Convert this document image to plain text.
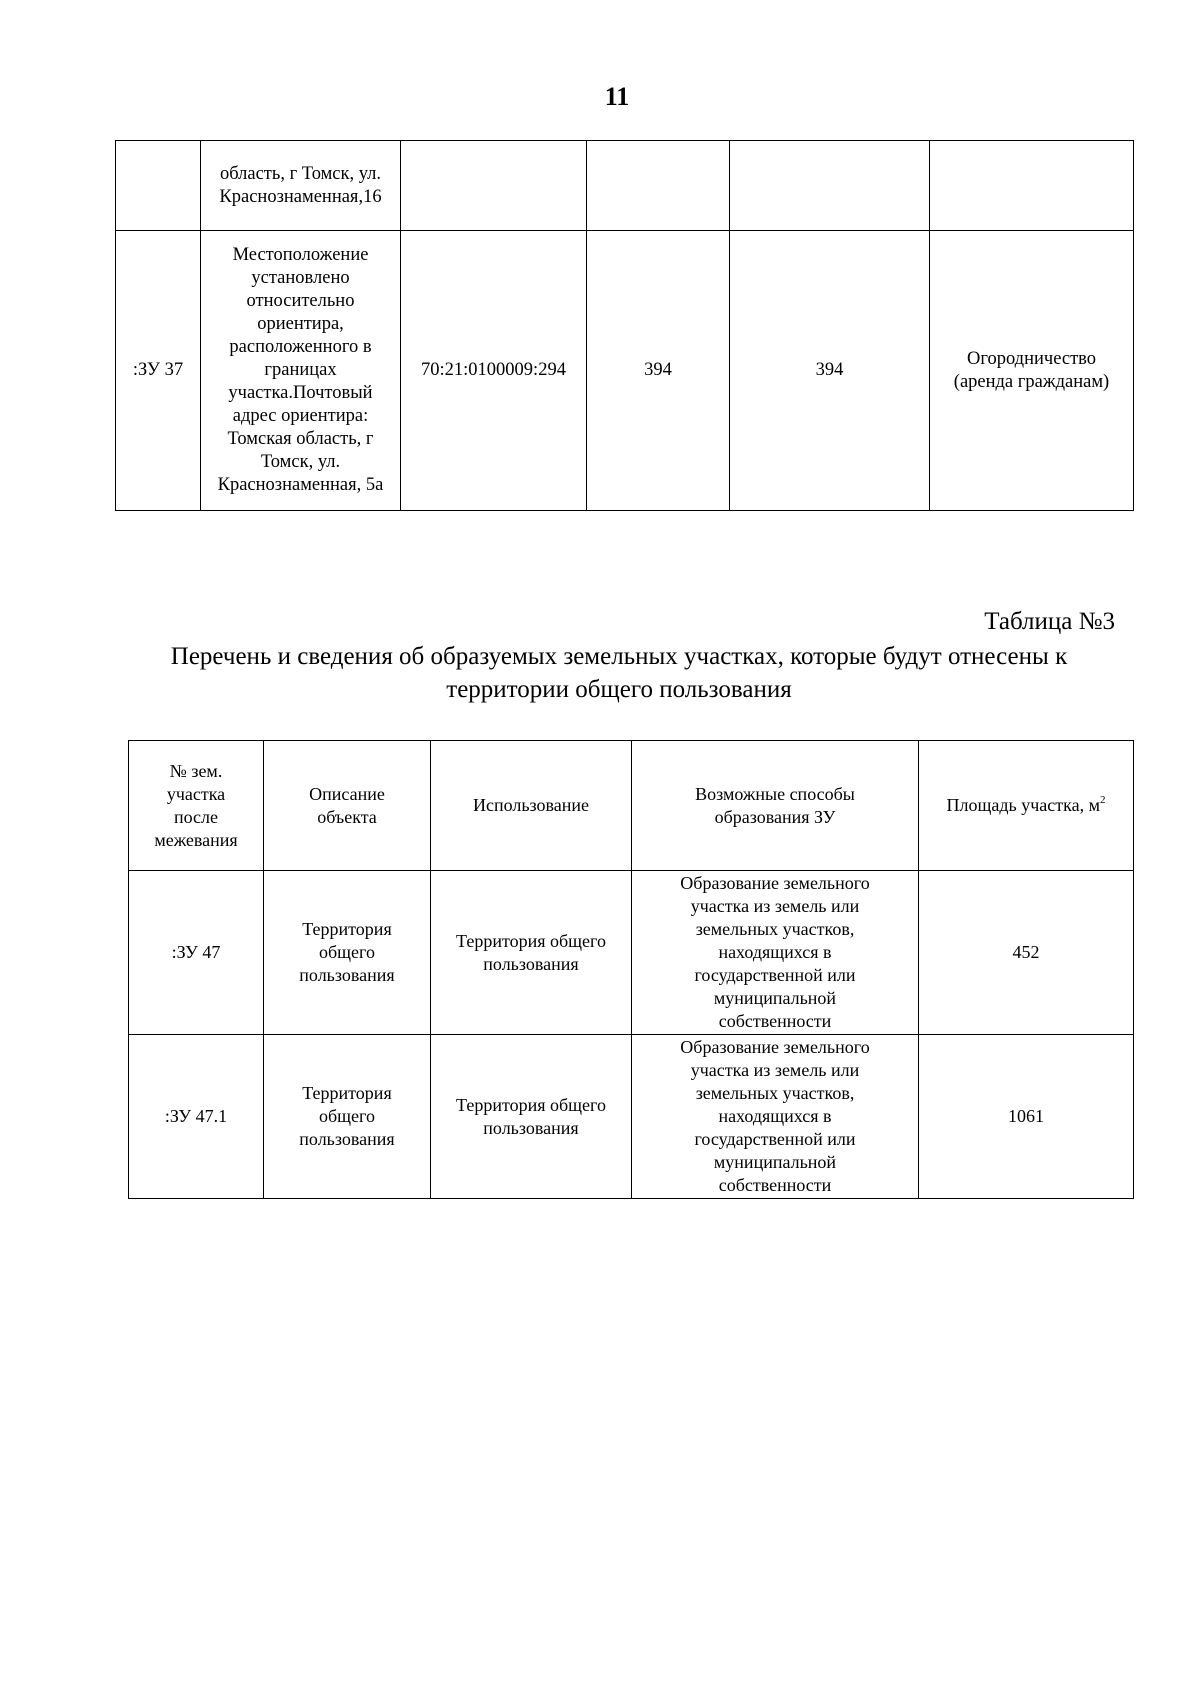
11
	область, г Томск, ул. Краснознаменная,16				
:ЗУ 37	Местоположение установлено относительно ориентира, расположенного в границах участка.Почтовый адрес ориентира: Томская область, г Томск, ул. Краснознаменная, 5а	70:21:0100009:294	394	394	Огородничество (аренда гражданам)
Таблица №3
Перечень и сведения об образуемых земельных участках, которые будут отнесены к территории общего пользования
№ зем. участка после межевания	Описание объекта	Использование	Возможные способы образования ЗУ	Площадь участка, $м^2$
:ЗУ 47	Территория общего пользования	Территория общего пользования	Образование земельного участка из земель или земельных участков, находящихся в государственной или муниципальной собственности	452
:ЗУ 47.1	Территория общего пользования	Территория общего пользования	Образование земельного участка из земель или земельных участков, находящихся в государственной или муниципальной собственности	1061
